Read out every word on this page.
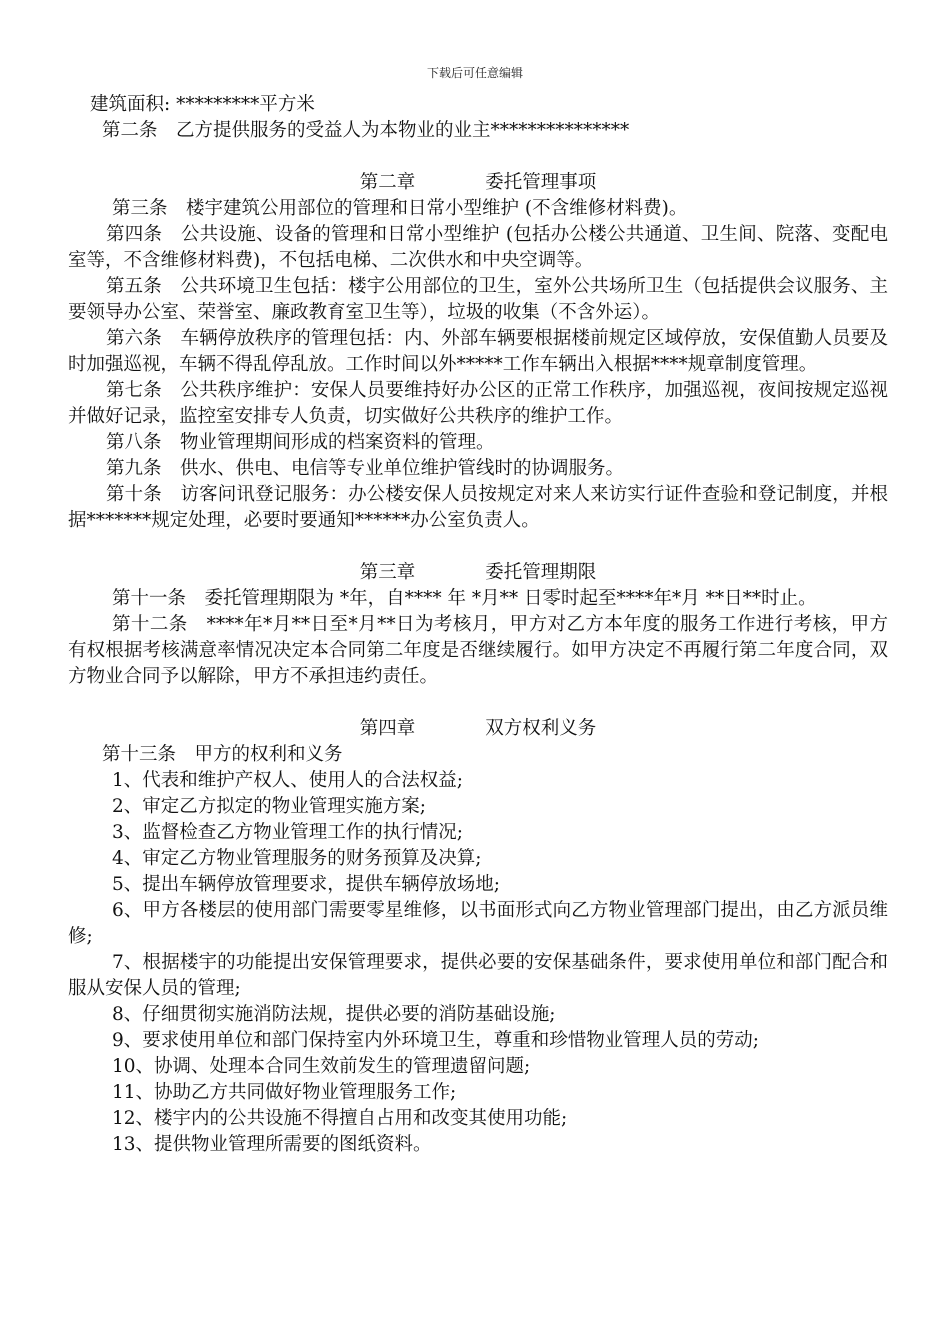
下载后可任意编辑

建筑面积: *********平方米

第二条　乙方提供服务的受益人为本物业的业主***************

第二章	委托管理事项

第三条　楼宇建筑公用部位的管理和日常小型维护 (不含维修材料费)。

第四条　公共设施、设备的管理和日常小型维护 (包括办公楼公共通道、卫生间、院落、变配电室等，不含维修材料费)，不包括电梯、二次供水和中央空调等。

第五条　公共环境卫生包括：楼宇公用部位的卫生，室外公共场所卫生（包括提供会议服务、主要领导办公室、荣誉室、廉政教育室卫生等），垃圾的收集（不含外运）。

第六条　车辆停放秩序的管理包括：内、外部车辆要根据楼前规定区域停放，安保值勤人员要及时加强巡视，车辆不得乱停乱放。工作时间以外*****工作车辆出入根据****规章制度管理。

第七条　公共秩序维护：安保人员要维持好办公区的正常工作秩序，加强巡视，夜间按规定巡视并做好记录，监控室安排专人负责，切实做好公共秩序的维护工作。

第八条　物业管理期间形成的档案资料的管理。

第九条　供水、供电、电信等专业单位维护管线时的协调服务。

第十条　访客问讯登记服务：办公楼安保人员按规定对来人来访实行证件查验和登记制度，并根据*******规定处理，必要时要通知******办公室负责人。

第三章	委托管理期限

第十一条　委托管理期限为 *年，自**** 年 *月** 日零时起至****年*月 **日**时止。

第十二条　****年*月**日至*月**日为考核月，甲方对乙方本年度的服务工作进行考核，甲方有权根据考核满意率情况决定本合同第二年度是否继续履行。如甲方决定不再履行第二年度合同，双方物业合同予以解除，甲方不承担违约责任。

第四章	双方权利义务

第十三条　甲方的权利和义务

1、代表和维护产权人、使用人的合法权益;

2、审定乙方拟定的物业管理实施方案;

3、监督检查乙方物业管理工作的执行情况;

4、审定乙方物业管理服务的财务预算及决算;

5、提出车辆停放管理要求，提供车辆停放场地;

6、甲方各楼层的使用部门需要零星维修，以书面形式向乙方物业管理部门提出，由乙方派员维修;

7、根据楼宇的功能提出安保管理要求，提供必要的安保基础条件，要求使用单位和部门配合和服从安保人员的管理;

8、仔细贯彻实施消防法规，提供必要的消防基础设施;

9、要求使用单位和部门保持室内外环境卫生，尊重和珍惜物业管理人员的劳动;

10、协调、处理本合同生效前发生的管理遗留问题;

11、协助乙方共同做好物业管理服务工作;

12、楼宇内的公共设施不得擅自占用和改变其使用功能;

13、提供物业管理所需要的图纸资料。
